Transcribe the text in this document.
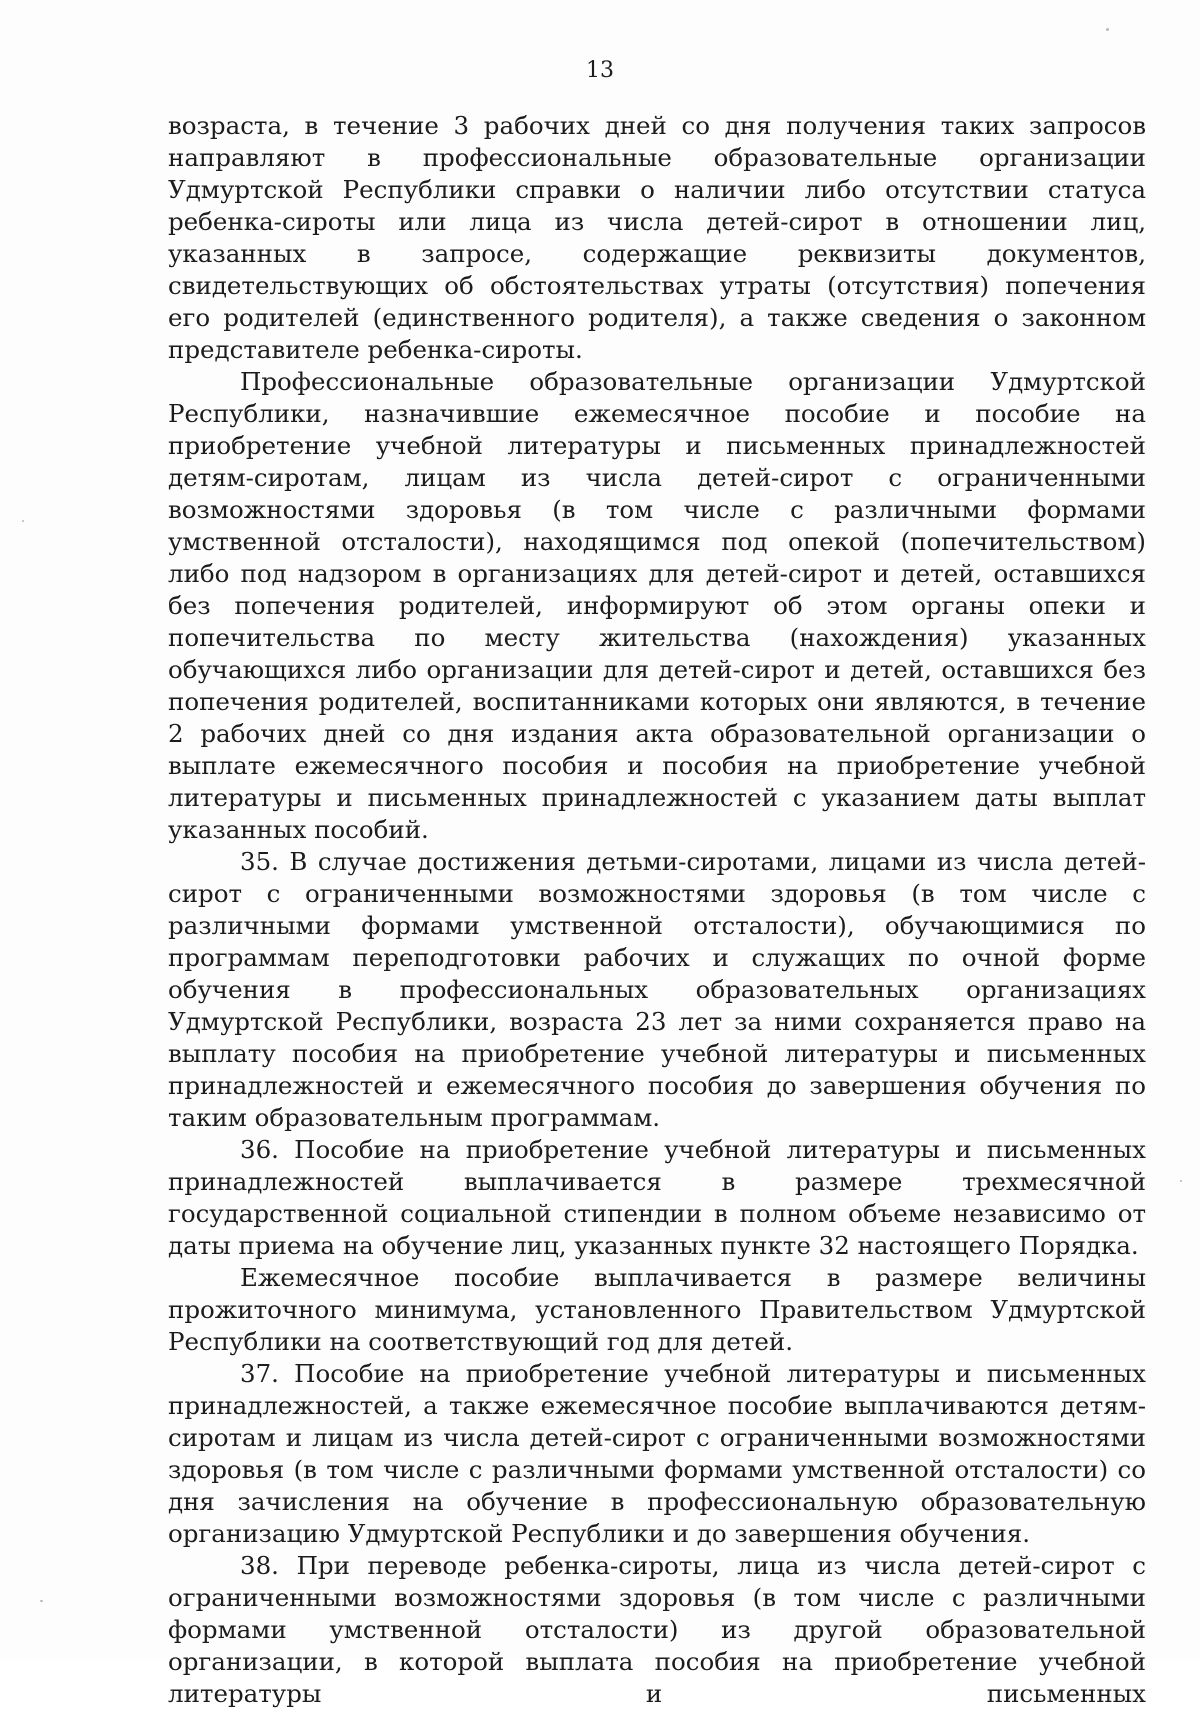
13

возраста, в течение 3 рабочих дней со дня получения таких запросов направляют в профессиональные образовательные организации Удмуртской Республики справки о наличии либо отсутствии статуса ребенка-сироты или лица из числа детей-сирот в отношении лиц, указанных в запросе, содержащие реквизиты документов, свидетельствующих об обстоятельствах утраты (отсутствия) попечения его родителей (единственного родителя), а также сведения о законном представителе ребенка-сироты.

Профессиональные образовательные организации Удмуртской Республики, назначившие ежемесячное пособие и пособие на приобретение учебной литературы и письменных принадлежностей детям-сиротам, лицам из числа детей-сирот с ограниченными возможностями здоровья (в том числе с различными формами умственной отсталости), находящимся под опекой (попечительством) либо под надзором в организациях для детей-сирот и детей, оставшихся без попечения родителей, информируют об этом органы опеки и попечительства по месту жительства (нахождения) указанных обучающихся либо организации для детей-сирот и детей, оставшихся без попечения родителей, воспитанниками которых они являются, в течение 2 рабочих дней со дня издания акта образовательной организации о выплате ежемесячного пособия и пособия на приобретение учебной литературы и письменных принадлежностей с указанием даты выплат указанных пособий.

35. В случае достижения детьми-сиротами, лицами из числа детей-сирот с ограниченными возможностями здоровья (в том числе с различными формами умственной отсталости), обучающимися по программам переподготовки рабочих и служащих по очной форме обучения в профессиональных образовательных организациях Удмуртской Республики, возраста 23 лет за ними сохраняется право на выплату пособия на приобретение учебной литературы и письменных принадлежностей и ежемесячного пособия до завершения обучения по таким образовательным программам.

36. Пособие на приобретение учебной литературы и письменных принадлежностей выплачивается в размере трехмесячной государственной социальной стипендии в полном объеме независимо от даты приема на обучение лиц, указанных пункте 32 настоящего Порядка.

Ежемесячное пособие выплачивается в размере величины прожиточного минимума, установленного Правительством Удмуртской Республики на соответствующий год для детей.

37. Пособие на приобретение учебной литературы и письменных принадлежностей, а также ежемесячное пособие выплачиваются детям-сиротам и лицам из числа детей-сирот с ограниченными возможностями здоровья (в том числе с различными формами умственной отсталости) со дня зачисления на обучение в профессиональную образовательную организацию Удмуртской Республики и до завершения обучения.

38. При переводе ребенка-сироты, лица из числа детей-сирот с ограниченными возможностями здоровья (в том числе с различными формами умственной отсталости) из другой образовательной организации, в которой выплата пособия на приобретение учебной литературы и письменных
